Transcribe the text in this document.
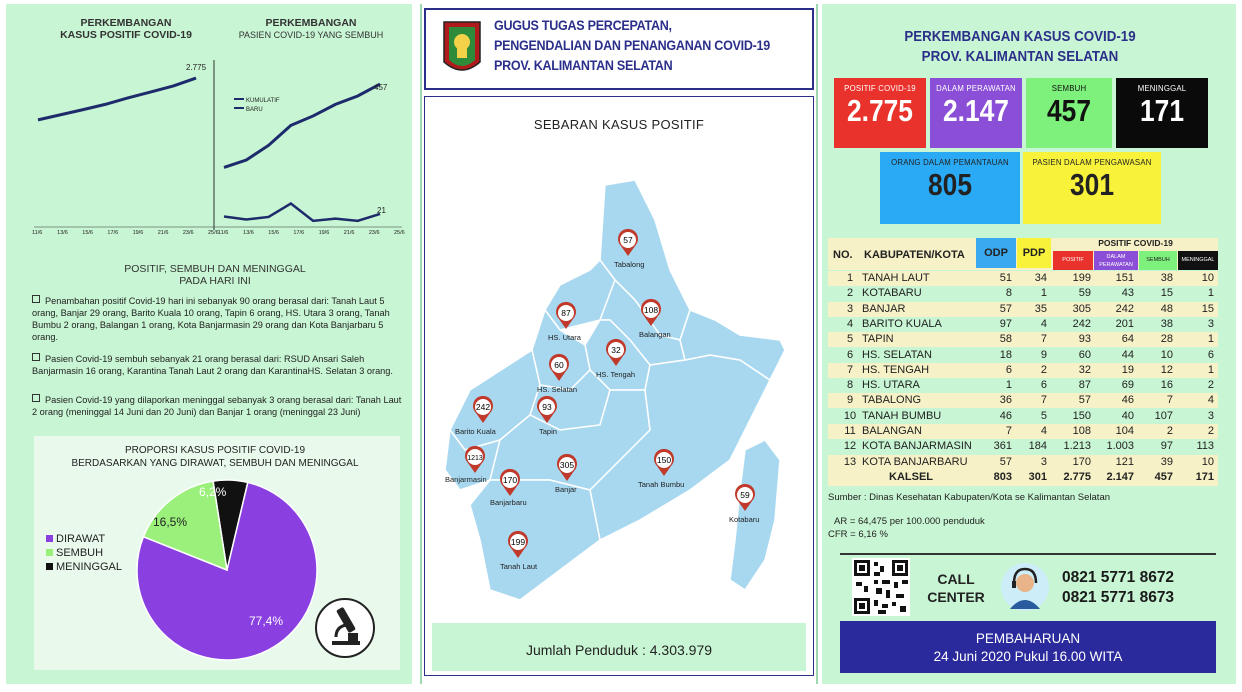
PERKEMBANGAN
KASUS POSITIF COVID-19
PERKEMBANGAN
PASIEN COVID-19 YANG SEMBUH
KUMULATIF
BARU
2.775
457
21
11/6	13/6	15/6	17/6	19/6	21/6	23/6	25/6 11/6	13/6	15/6	17/6	19/6	21/6	23/6	25/6
POSITIF, SEMBUH DAN MENINGGAL
PADA HARI INI
Penambahan positif Covid-19 hari ini sebanyak 90 orang berasal dari: Tanah Laut 5 orang, Banjar 29 orang, Barito Kuala 10 orang, Tapin 6 orang, HS. Utara 3 orang, Tanah Bumbu 2 orang, Balangan 1 orang, Kota Banjarmasin 29 orang dan Kota Banjarbaru 5 orang.
Pasien Covid-19 sembuh sebanyak 21 orang berasal dari: RSUD Ansari Saleh Banjarmasin 16 orang, Karantina Tanah Laut 2 orang dan KarantinaHS. Selatan 3 orang.
Pasien Covid-19 yang dilaporkan meninggal sebanyak 3 orang berasal dari: Tanah Laut 2 orang (meninggal 14 Juni dan 20 Juni) dan Banjar 1 orang (meninggal 23 Juni)
PROPORSI KASUS POSITIF COVID-19
BERDASARKAN YANG DIRAWAT, SEMBUH DAN MENINGGAL
6,2%
16,5%
77,4%
DIRAWAT
SEMBUH
MENINGGAL
GUGUS TUGAS PERCEPATAN,
PENGENDALIAN DAN PENANGANAN COVID-19
PROV. KALIMANTAN SELATAN
SEBARAN KASUS POSITIF
57
87	108
32
60
242	93
1213
170
305	150
59
199
Tabalong
HS. Utara	Balangan
HS. Tengah
HS. Selatan
Barito Kuala	Tapin
Banjarmasin
Banjarbaru
Banjar
Tanah Bumbu
Kotabaru
Tanah Laut
Jumlah Penduduk : 4.303.979
PERKEMBANGAN KASUS COVID-19
PROV. KALIMANTAN SELATAN
POSITIF COVID-19
2.775
DALAM PERAWATAN
2.147
SEMBUH
457
MENINGGAL
171
ORANG DALAM PEMANTAUAN
805
PASIEN DALAM PENGAWASAN
301
NO. KABUPATEN/KOTA	ODP	PDP
POSITIF COVID-19
POSITIF	DALAM PERAWATAN
SEMBUH	MENINGGAL
1 TANAH LAUT	51	34	199	151	38	10
2 KOTABARU	8	1	59	43	15	1
3 BANJAR	57	35	305	242	48	15
4 BARITO KUALA	97	4	242	201	38	3
5 TAPIN	58	7	93	64	28	1
6 HS. SELATAN	18	9	60	44	10	6
7 HS. TENGAH	6	2	32	19	12	1
8 HS. UTARA	1	6	87	69	16	2
9 TABALONG	36	7	57	46	7	4
10 TANAH BUMBU	46	5	150	40	107	3
11 BALANGAN	7	4	108	104	2	2
12 KOTA BANJARMASIN	361	184	1.213	1.003	97	113
13 KOTA BANJARBARU	57	3	170	121	39	10
KALSEL	803	301	2.775	2.147	457	171
Sumber : Dinas Kesehatan Kabupaten/Kota se Kalimantan Selatan
AR = 64,475 per 100.000 penduduk
CFR = 6,16 %
CALL
CENTER
0821 5771 8672
0821 5771 8673
PEMBAHARUAN
24 Juni 2020 Pukul 16.00 WITA
